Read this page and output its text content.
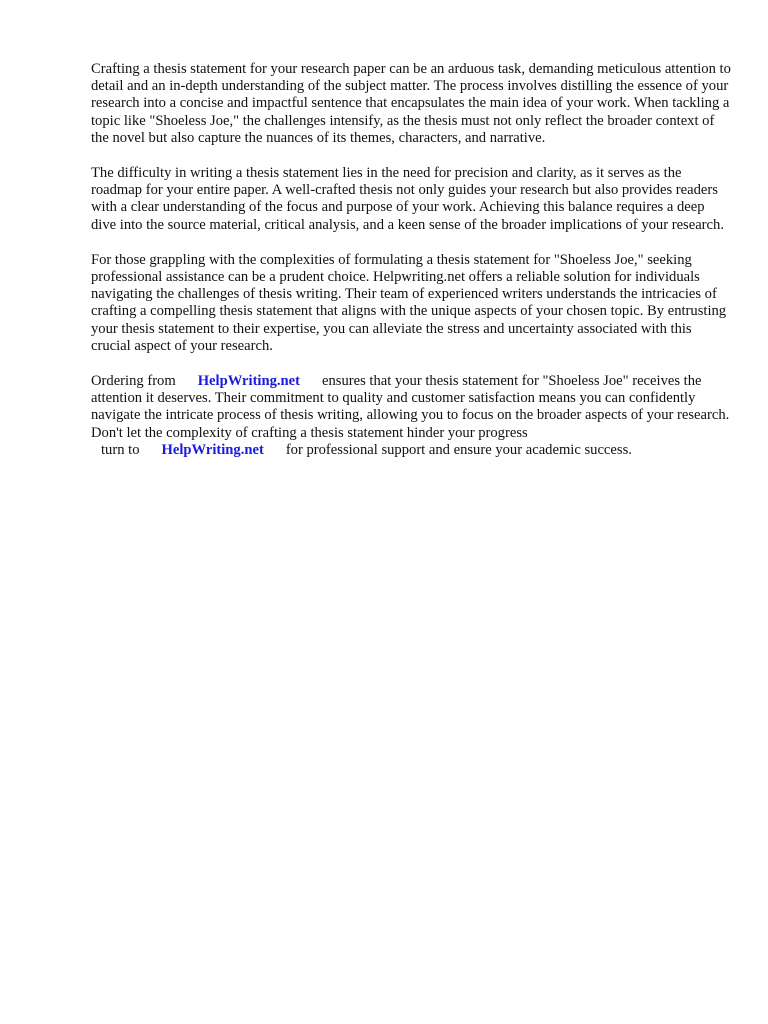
Crafting a thesis statement for your research paper can be an arduous task, demanding meticulous attention to detail and an in-depth understanding of the subject matter. The process involves distilling the essence of your research into a concise and impactful sentence that encapsulates the main idea of your work. When tackling a topic like "Shoeless Joe," the challenges intensify, as the thesis must not only reflect the broader context of the novel but also capture the nuances of its themes, characters, and narrative.

The difficulty in writing a thesis statement lies in the need for precision and clarity, as it serves as the roadmap for your entire paper. A well-crafted thesis not only guides your research but also provides readers with a clear understanding of the focus and purpose of your work. Achieving this balance requires a deep dive into the source material, critical analysis, and a keen sense of the broader implications of your research.

For those grappling with the complexities of formulating a thesis statement for "Shoeless Joe," seeking professional assistance can be a prudent choice. Helpwriting.net offers a reliable solution for individuals navigating the challenges of thesis writing. Their team of experienced writers understands the intricacies of crafting a compelling thesis statement that aligns with the unique aspects of your chosen topic. By entrusting your thesis statement to their expertise, you can alleviate the stress and uncertainty associated with this crucial aspect of your research.

Ordering from HelpWriting.net ensures that your thesis statement for "Shoeless Joe" receives the attention it deserves. Their commitment to quality and customer satisfaction means you can confidently navigate the intricate process of thesis writing, allowing you to focus on the broader aspects of your research. Don't let the complexity of crafting a thesis statement hinder your progress
turn to HelpWriting.net for professional support and ensure your academic success.
